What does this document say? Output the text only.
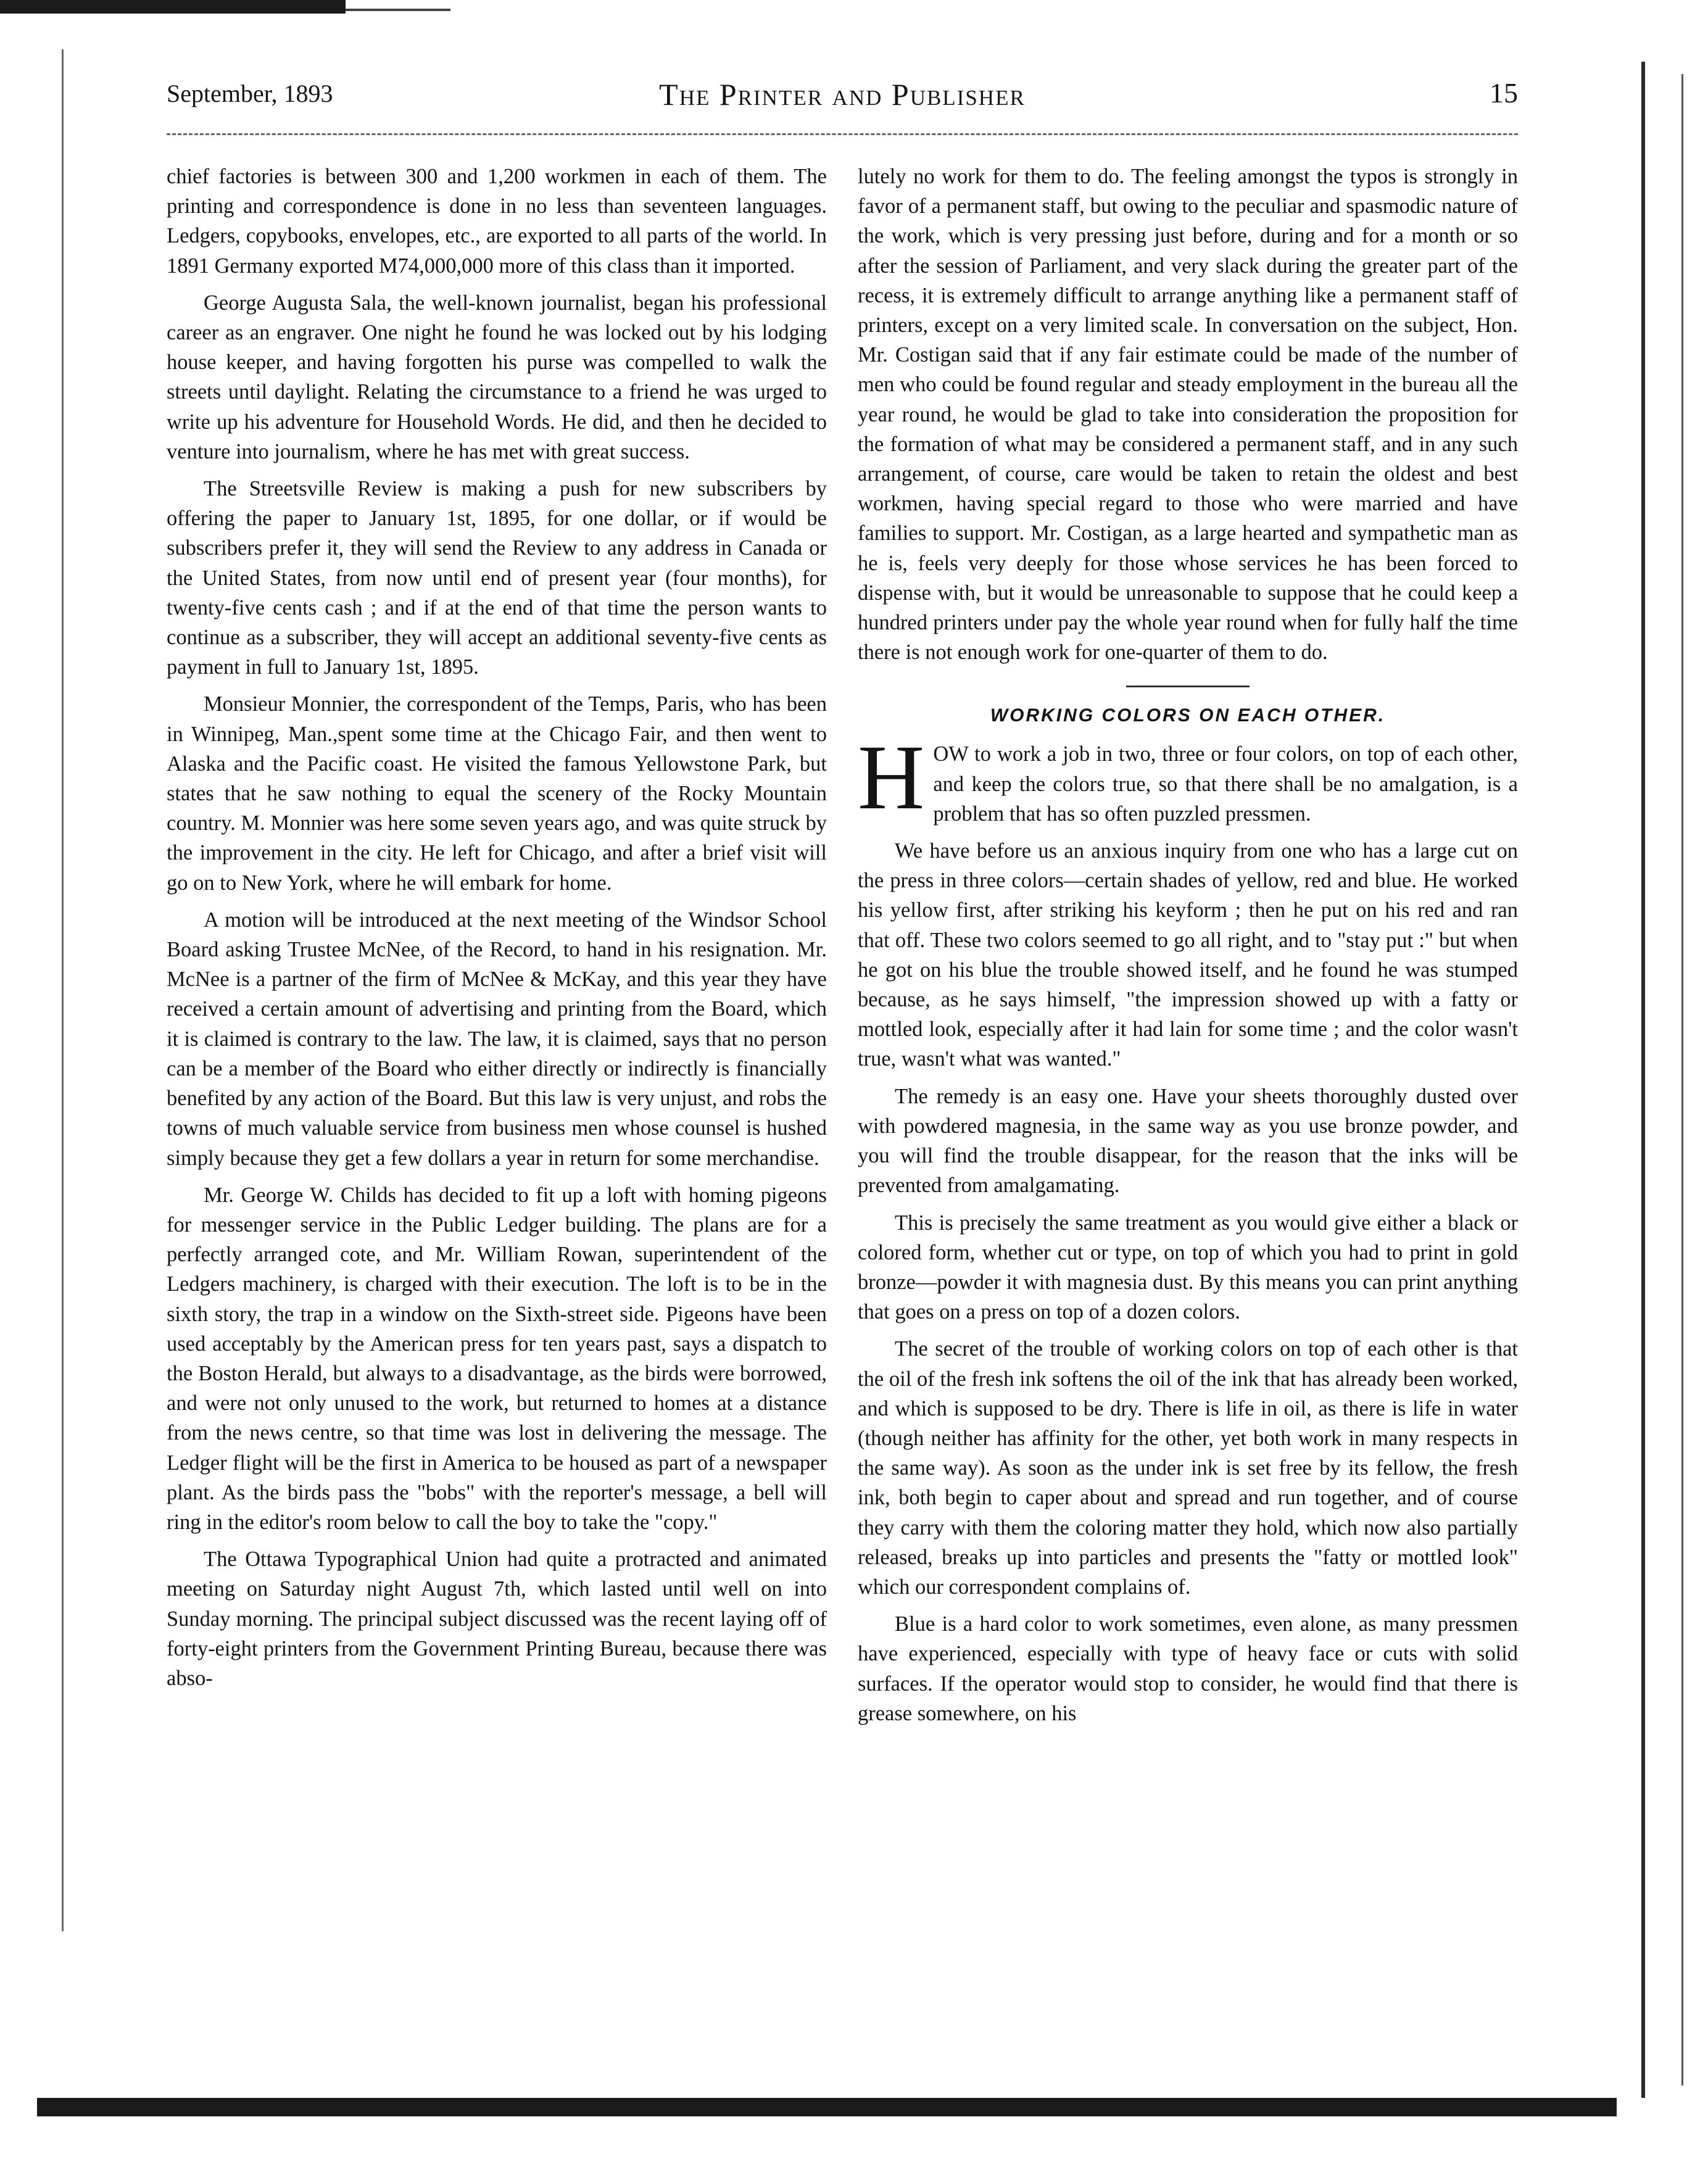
September, 1893	The Printer and Publisher	15

chief factories is between 300 and 1,200 workmen in each of them. The printing and correspondence is done in no less than seventeen languages. Ledgers, copybooks, envelopes, etc., are exported to all parts of the world. In 1891 Germany exported M74,000,000 more of this class than it imported.

George Augusta Sala, the well-known journalist, began his professional career as an engraver. One night he found he was locked out by his lodging house keeper, and having forgotten his purse was compelled to walk the streets until daylight. Relating the circumstance to a friend he was urged to write up his adventure for Household Words. He did, and then he decided to venture into journalism, where he has met with great success.

The Streetsville Review is making a push for new subscribers by offering the paper to January 1st, 1895, for one dollar, or if would be subscribers prefer it, they will send the Review to any address in Canada or the United States, from now until end of present year (four months), for twenty-five cents cash ; and if at the end of that time the person wants to continue as a subscriber, they will accept an additional seventy-five cents as payment in full to January 1st, 1895.

Monsieur Monnier, the correspondent of the Temps, Paris, who has been in Winnipeg, Man.,spent some time at the Chicago Fair, and then went to Alaska and the Pacific coast. He visited the famous Yellowstone Park, but states that he saw nothing to equal the scenery of the Rocky Mountain country. M. Monnier was here some seven years ago, and was quite struck by the improvement in the city. He left for Chicago, and after a brief visit will go on to New York, where he will embark for home.

A motion will be introduced at the next meeting of the Windsor School Board asking Trustee McNee, of the Record, to hand in his resignation. Mr. McNee is a partner of the firm of McNee & McKay, and this year they have received a certain amount of advertising and printing from the Board, which it is claimed is contrary to the law. The law, it is claimed, says that no person can be a member of the Board who either directly or indirectly is financially benefited by any action of the Board. But this law is very unjust, and robs the towns of much valuable service from business men whose counsel is hushed simply because they get a few dollars a year in return for some merchandise.

Mr. George W. Childs has decided to fit up a loft with homing pigeons for messenger service in the Public Ledger building. The plans are for a perfectly arranged cote, and Mr. William Rowan, superintendent of the Ledgers machinery, is charged with their execution. The loft is to be in the sixth story, the trap in a window on the Sixth-street side. Pigeons have been used acceptably by the American press for ten years past, says a dispatch to the Boston Herald, but always to a disadvantage, as the birds were borrowed, and were not only unused to the work, but returned to homes at a distance from the news centre, so that time was lost in delivering the message. The Ledger flight will be the first in America to be housed as part of a newspaper plant. As the birds pass the "bobs" with the reporter's message, a bell will ring in the editor's room below to call the boy to take the "copy."

The Ottawa Typographical Union had quite a protracted and animated meeting on Saturday night August 7th, which lasted until well on into Sunday morning. The principal subject discussed was the recent laying off of forty-eight printers from the Government Printing Bureau, because there was abso-

lutely no work for them to do. The feeling amongst the typos is strongly in favor of a permanent staff, but owing to the peculiar and spasmodic nature of the work, which is very pressing just before, during and for a month or so after the session of Parliament, and very slack during the greater part of the recess, it is extremely difficult to arrange anything like a permanent staff of printers, except on a very limited scale. In conversation on the subject, Hon. Mr. Costigan said that if any fair estimate could be made of the number of men who could be found regular and steady employment in the bureau all the year round, he would be glad to take into consideration the proposition for the formation of what may be considered a permanent staff, and in any such arrangement, of course, care would be taken to retain the oldest and best workmen, having special regard to those who were married and have families to support. Mr. Costigan, as a large hearted and sympathetic man as he is, feels very deeply for those whose services he has been forced to dispense with, but it would be unreasonable to suppose that he could keep a hundred printers under pay the whole year round when for fully half the time there is not enough work for one-quarter of them to do.

WORKING COLORS ON EACH OTHER.

HOW to work a job in two, three or four colors, on top of each other, and keep the colors true, so that there shall be no amalgation, is a problem that has so often puzzled pressmen.

We have before us an anxious inquiry from one who has a large cut on the press in three colors—certain shades of yellow, red and blue. He worked his yellow first, after striking his keyform ; then he put on his red and ran that off. These two colors seemed to go all right, and to "stay put :" but when he got on his blue the trouble showed itself, and he found he was stumped because, as he says himself, "the impression showed up with a fatty or mottled look, especially after it had lain for some time ; and the color wasn't true, wasn't what was wanted."

The remedy is an easy one. Have your sheets thoroughly dusted over with powdered magnesia, in the same way as you use bronze powder, and you will find the trouble disappear, for the reason that the inks will be prevented from amalgamating.

This is precisely the same treatment as you would give either a black or colored form, whether cut or type, on top of which you had to print in gold bronze—powder it with magnesia dust. By this means you can print anything that goes on a press on top of a dozen colors.

The secret of the trouble of working colors on top of each other is that the oil of the fresh ink softens the oil of the ink that has already been worked, and which is supposed to be dry. There is life in oil, as there is life in water (though neither has affinity for the other, yet both work in many respects in the same way). As soon as the under ink is set free by its fellow, the fresh ink, both begin to caper about and spread and run together, and of course they carry with them the coloring matter they hold, which now also partially released, breaks up into particles and presents the "fatty or mottled look" which our correspondent complains of.

Blue is a hard color to work sometimes, even alone, as many pressmen have experienced, especially with type of heavy face or cuts with solid surfaces. If the operator would stop to consider, he would find that there is grease somewhere, on his
